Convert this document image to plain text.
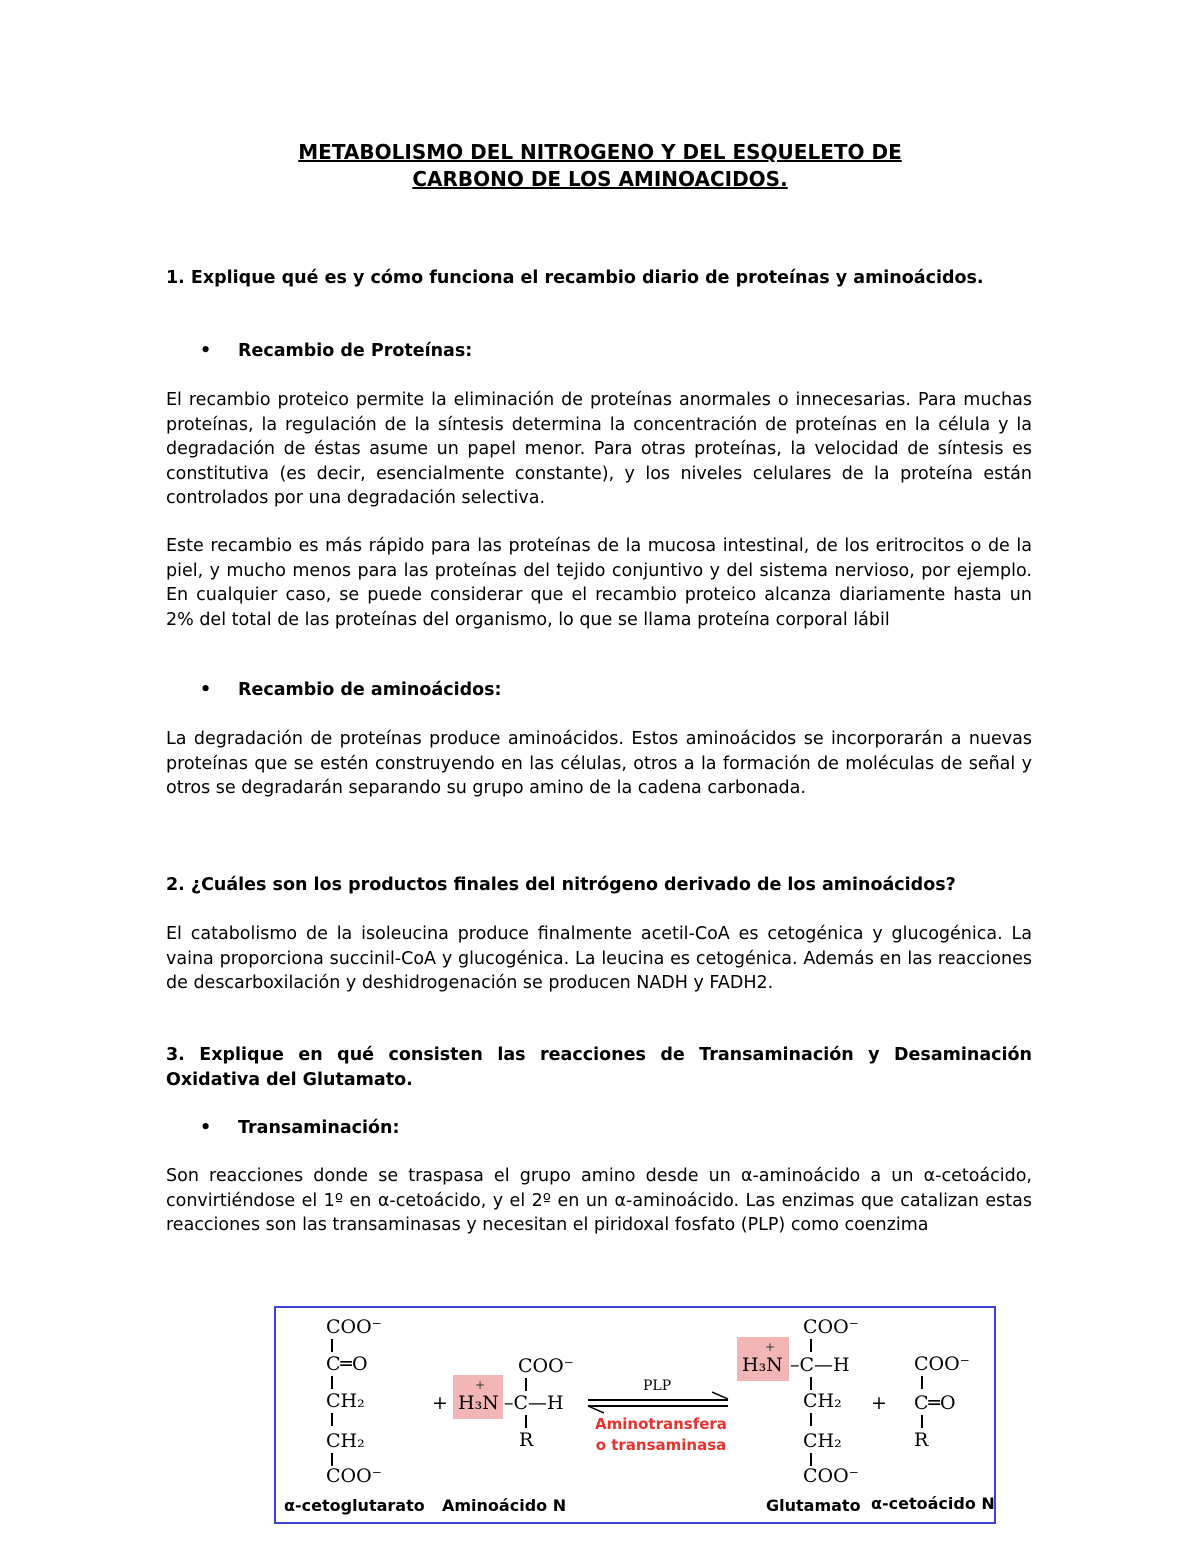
METABOLISMO DEL NITROGENO Y DEL ESQUELETO DE
CARBONO DE LOS AMINOACIDOS.
1. Explique qué es y cómo funciona el recambio diario de proteínas y aminoácidos.
• Recambio de Proteínas:
El recambio proteico permite la eliminación de proteínas anormales o innecesarias. Para muchas proteínas, la regulación de la síntesis determina la concentración de proteínas en la célula y la degradación de éstas asume un papel menor. Para otras proteínas, la velocidad de síntesis es constitutiva (es decir, esencialmente constante), y los niveles celulares de la proteína están controlados por una degradación selectiva.
Este recambio es más rápido para las proteínas de la mucosa intestinal, de los eritrocitos o de la piel, y mucho menos para las proteínas del tejido conjuntivo y del sistema nervioso, por ejemplo. En cualquier caso, se puede considerar que el recambio proteico alcanza diariamente hasta un 2% del total de las proteínas del organismo, lo que se llama proteína corporal lábil
• Recambio de aminoácidos:
La degradación de proteínas produce aminoácidos. Estos aminoácidos se incorporarán a nuevas proteínas que se estén construyendo en las células, otros a la formación de moléculas de señal y otros se degradarán separando su grupo amino de la cadena carbonada.
2. ¿Cuáles son los productos finales del nitrógeno derivado de los aminoácidos?
El catabolismo de la isoleucina produce finalmente acetil-CoA es cetogénica y glucogénica. La vaina proporciona succinil-CoA y glucogénica. La leucina es cetogénica. Además en las reacciones de descarboxilación y deshidrogenación se producen NADH y FADH2.
3. Explique en qué consisten las reacciones de Transaminación y Desaminación Oxidativa del Glutamato.
• Transaminación:
Son reacciones donde se traspasa el grupo amino desde un α-aminoácido a un α-cetoácido, convirtiéndose el 1º en α-cetoácido, y el 2º en un α-aminoácido. Las enzimas que catalizan estas reacciones son las transaminasas y necesitan el piridoxal fosfato (PLP) como coenzima
COO⁻
C═O
CH₂
CH₂
COO⁻
α-cetoglutarato
+
+
H₃N –C—H
COO⁻
R
Aminoácido N
PLP
Aminotransfera
o transaminasa
+
H₃N –C—H
COO⁻
CH₂
CH₂
COO⁻
Glutamato
+
COO⁻
C═O
R
α-cetoácido N
